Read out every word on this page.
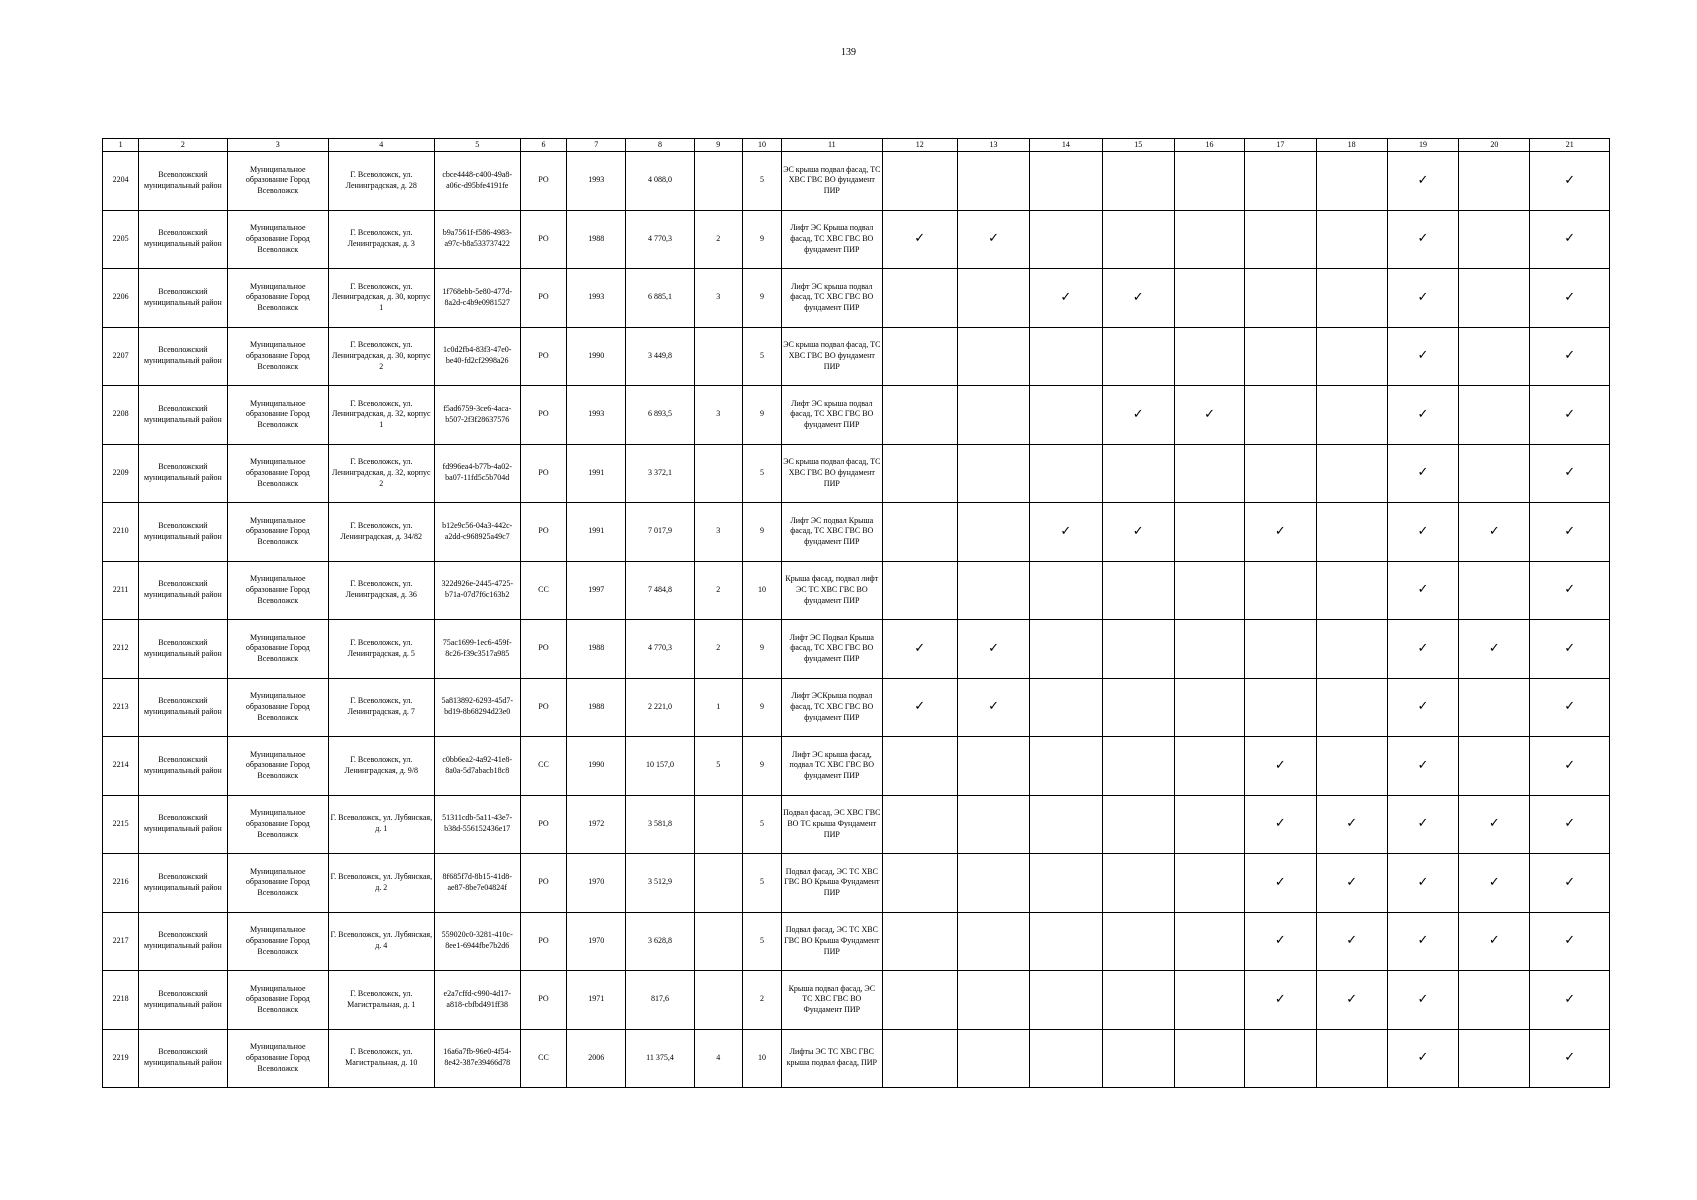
139
1	2	3	4	5	6	7	8	9	10	11	12	13	14	15	16	17	18	19	20	21
2204	Всеволожский муниципальный район	Муниципальное образование Город Всеволожск	Г. Всеволожск, ул. Ленинградская, д. 28	cbce4448-c400-49a8-a06c-d95bfe4191fe	РО	1993	4 088,0		5	ЭС крыша подвал фасад, ТС ХВС ГВС ВО фундамент ПИР								✓		✓
2205	Всеволожский муниципальный район	Муниципальное образование Город Всеволожск	Г. Всеволожск, ул. Ленинградская, д. 3	b9a7561f-f586-4983-a97c-b8a533737422	РО	1988	4 770,3	2	9	Лифт ЭС Крыша подвал фасад, ТС ХВС ГВС ВО фундамент ПИР	✓	✓						✓		✓
2206	Всеволожский муниципальный район	Муниципальное образование Город Всеволожск	Г. Всеволожск, ул. Ленинградская, д. 30, корпус 1	1f768ebb-5e80-477d-8a2d-c4b9e0981527	РО	1993	6 885,1	3	9	Лифт ЭС крыша подвал фасад, ТС ХВС ГВС ВО фундамент ПИР			✓	✓				✓		✓
2207	Всеволожский муниципальный район	Муниципальное образование Город Всеволожск	Г. Всеволожск, ул. Ленинградская, д. 30, корпус 2	1c0d2fb4-83f3-47e0-be40-fd2cf2998a26	РО	1990	3 449,8		5	ЭС крыша подвал фасад, ТС ХВС ГВС ВО фундамент ПИР								✓		✓
2208	Всеволожский муниципальный район	Муниципальное образование Город Всеволожск	Г. Всеволожск, ул. Ленинградская, д. 32, корпус 1	f5ad6759-3ce6-4aca-b507-2f3f28637576	РО	1993	6 893,5	3	9	Лифт ЭС крыша подвал фасад, ТС ХВС ГВС ВО фундамент ПИР				✓	✓			✓		✓
2209	Всеволожский муниципальный район	Муниципальное образование Город Всеволожск	Г. Всеволожск, ул. Ленинградская, д. 32, корпус 2	fd996ea4-b77b-4a02-ba07-11fd5c5b704d	РО	1991	3 372,1		5	ЭС крыша подвал фасад, ТС ХВС ГВС ВО фундамент ПИР								✓		✓
2210	Всеволожский муниципальный район	Муниципальное образование Город Всеволожск	Г. Всеволожск, ул. Ленинградская, д. 34/82	b12e9c56-04a3-442c-a2dd-c968925a49c7	РО	1991	7 017,9	3	9	Лифт ЭС подвал Крыша фасад, ТС ХВС ГВС ВО фундамент ПИР			✓	✓		✓		✓	✓	✓
2211	Всеволожский муниципальный район	Муниципальное образование Город Всеволожск	Г. Всеволожск, ул. Ленинградская, д. 36	322d926e-2445-4725-b71a-07d7f6c163b2	СС	1997	7 484,8	2	10	Крыша фасад, подвал лифт ЭС ТС ХВС ГВС ВО фундамент ПИР								✓		✓
2212	Всеволожский муниципальный район	Муниципальное образование Город Всеволожск	Г. Всеволожск, ул. Ленинградская, д. 5	75ac1699-1ec6-459f-8c26-f39c3517a985	РО	1988	4 770,3	2	9	Лифт ЭС Подвал Крыша фасад, ТС ХВС ГВС ВО фундамент ПИР	✓	✓						✓	✓	✓
2213	Всеволожский муниципальный район	Муниципальное образование Город Всеволожск	Г. Всеволожск, ул. Ленинградская, д. 7	5a813892-6293-45d7-bd19-8b68294d23e0	РО	1988	2 221,0	1	9	Лифт ЭСКрыша подвал фасад, ТС ХВС ГВС ВО фундамент ПИР	✓	✓						✓		✓
2214	Всеволожский муниципальный район	Муниципальное образование Город Всеволожск	Г. Всеволожск, ул. Ленинградская, д. 9/8	c0bb6ea2-4a92-41e8-8a0a-5d7abacb18c8	СС	1990	10 157,0	5	9	Лифт ЭС крыша фасад, подвал ТС ХВС ГВС ВО фундамент ПИР						✓		✓		✓
2215	Всеволожский муниципальный район	Муниципальное образование Город Всеволожск	Г. Всеволожск, ул. Лубянская, д. 1	51311cdb-5a11-43e7-b38d-556152436e17	РО	1972	3 581,8		5	Подвал фасад, ЭС ХВС ГВС ВО ТС крыша Фундамент ПИР						✓	✓	✓	✓	✓
2216	Всеволожский муниципальный район	Муниципальное образование Город Всеволожск	Г. Всеволожск, ул. Лубянская, д. 2	8f685f7d-8b15-41d8-ae87-8be7e04824f	РО	1970	3 512,9		5	Подвал фасад, ЭС ТС ХВС ГВС ВО Крыша Фундамент ПИР						✓	✓	✓	✓	✓
2217	Всеволожский муниципальный район	Муниципальное образование Город Всеволожск	Г. Всеволожск, ул. Лубянская, д. 4	559020c0-3281-410c-8ee1-6944fbe7b2d6	РО	1970	3 628,8		5	Подвал фасад, ЭС ТС ХВС ГВС ВО Крыша Фундамент ПИР						✓	✓	✓	✓	✓
2218	Всеволожский муниципальный район	Муниципальное образование Город Всеволожск	Г. Всеволожск, ул. Магистральная, д. 1	e2a7cffd-c990-4d17-a818-cbfbd491ff38	РО	1971	817,6		2	Крыша подвал фасад, ЭС ТС ХВС ГВС ВО Фундамент ПИР						✓	✓	✓		✓
2219	Всеволожский муниципальный район	Муниципальное образование Город Всеволожск	Г. Всеволожск, ул. Магистральная, д. 10	16a6a7fb-96e0-4f54-8e42-387e39466d78	СС	2006	11 375,4	4	10	Лифты ЭС ТС ХВС ГВС крыша подвал фасад, ПИР								✓		✓
